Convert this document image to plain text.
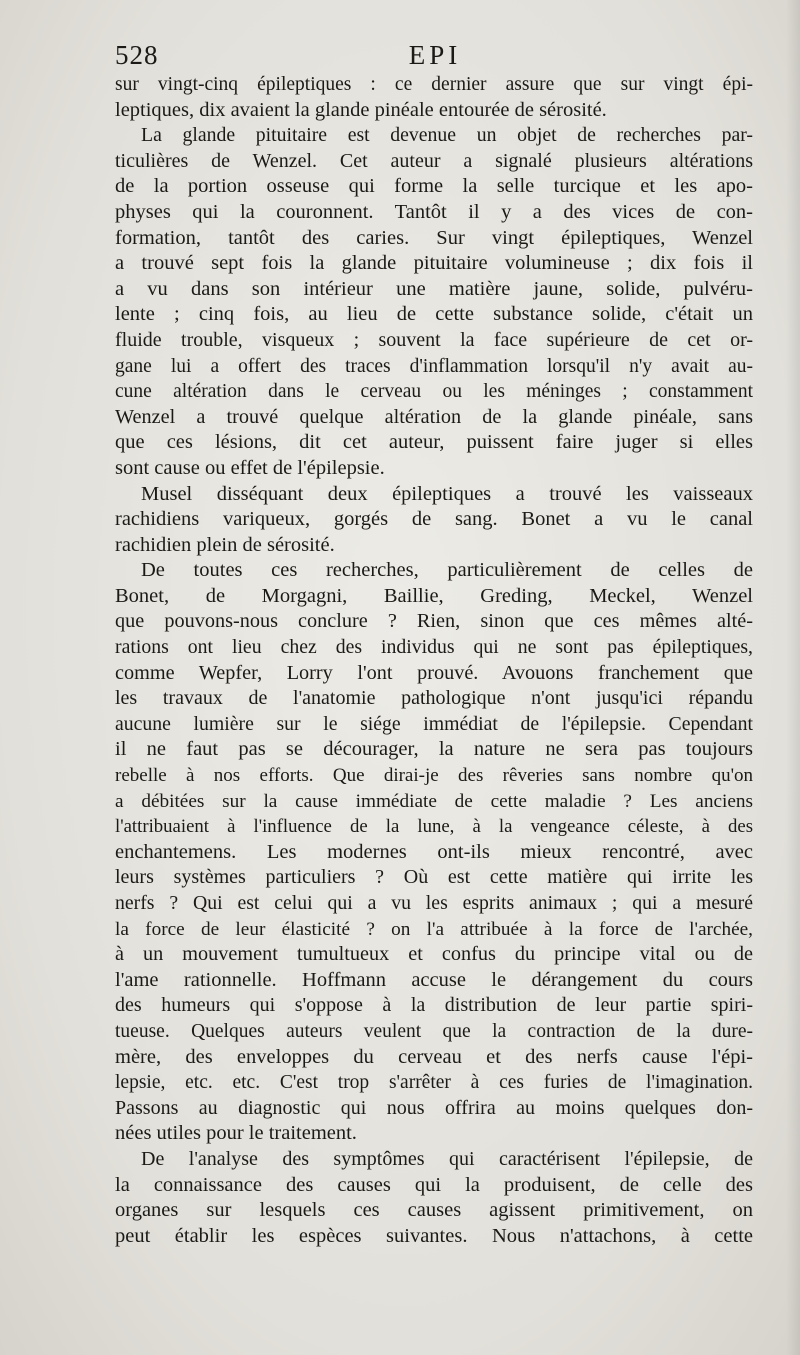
528	EPI
sur vingt-cinq épileptiques : ce dernier assure que sur vingt épi-
leptiques, dix avaient la glande pinéale entourée de sérosité.
La glande pituitaire est devenue un objet de recherches par-
ticulières de Wenzel. Cet auteur a signalé plusieurs altérations
de la portion osseuse qui forme la selle turcique et les apo-
physes qui la couronnent. Tantôt il y a des vices de con-
formation, tantôt des caries. Sur vingt épileptiques, Wenzel
a trouvé sept fois la glande pituitaire volumineuse ; dix fois il
a vu dans son intérieur une matière jaune, solide, pulvéru-
lente ; cinq fois, au lieu de cette substance solide, c'était un
fluide trouble, visqueux ; souvent la face supérieure de cet or-
gane lui a offert des traces d'inflammation lorsqu'il n'y avait au-
cune altération dans le cerveau ou les méninges ; constamment
Wenzel a trouvé quelque altération de la glande pinéale, sans
que ces lésions, dit cet auteur, puissent faire juger si elles
sont cause ou effet de l'épilepsie.
Musel disséquant deux épileptiques a trouvé les vaisseaux
rachidiens variqueux, gorgés de sang. Bonet a vu le canal
rachidien plein de sérosité.
De toutes ces recherches, particulièrement de celles de
Bonet, de Morgagni, Baillie, Greding, Meckel, Wenzel
que pouvons-nous conclure ? Rien, sinon que ces mêmes alté-
rations ont lieu chez des individus qui ne sont pas épileptiques,
comme Wepfer, Lorry l'ont prouvé. Avouons franchement que
les travaux de l'anatomie pathologique n'ont jusqu'ici répandu
aucune lumière sur le siége immédiat de l'épilepsie. Cependant
il ne faut pas se décourager, la nature ne sera pas toujours
rebelle à nos efforts. Que dirai-je des rêveries sans nombre qu'on
a débitées sur la cause immédiate de cette maladie ? Les anciens
l'attribuaient à l'influence de la lune, à la vengeance céleste, à des
enchantemens. Les modernes ont-ils mieux rencontré, avec
leurs systèmes particuliers ? Où est cette matière qui irrite les
nerfs ? Qui est celui qui a vu les esprits animaux ; qui a mesuré
la force de leur élasticité ? on l'a attribuée à la force de l'archée,
à un mouvement tumultueux et confus du principe vital ou de
l'ame rationnelle. Hoffmann accuse le dérangement du cours
des humeurs qui s'oppose à la distribution de leur partie spiri-
tueuse. Quelques auteurs veulent que la contraction de la dure-
mère, des enveloppes du cerveau et des nerfs cause l'épi-
lepsie, etc. etc. C'est trop s'arrêter à ces furies de l'imagination.
Passons au diagnostic qui nous offrira au moins quelques don-
nées utiles pour le traitement.
De l'analyse des symptômes qui caractérisent l'épilepsie, de
la connaissance des causes qui la produisent, de celle des
organes sur lesquels ces causes agissent primitivement, on
peut établir les espèces suivantes. Nous n'attachons, à cette
